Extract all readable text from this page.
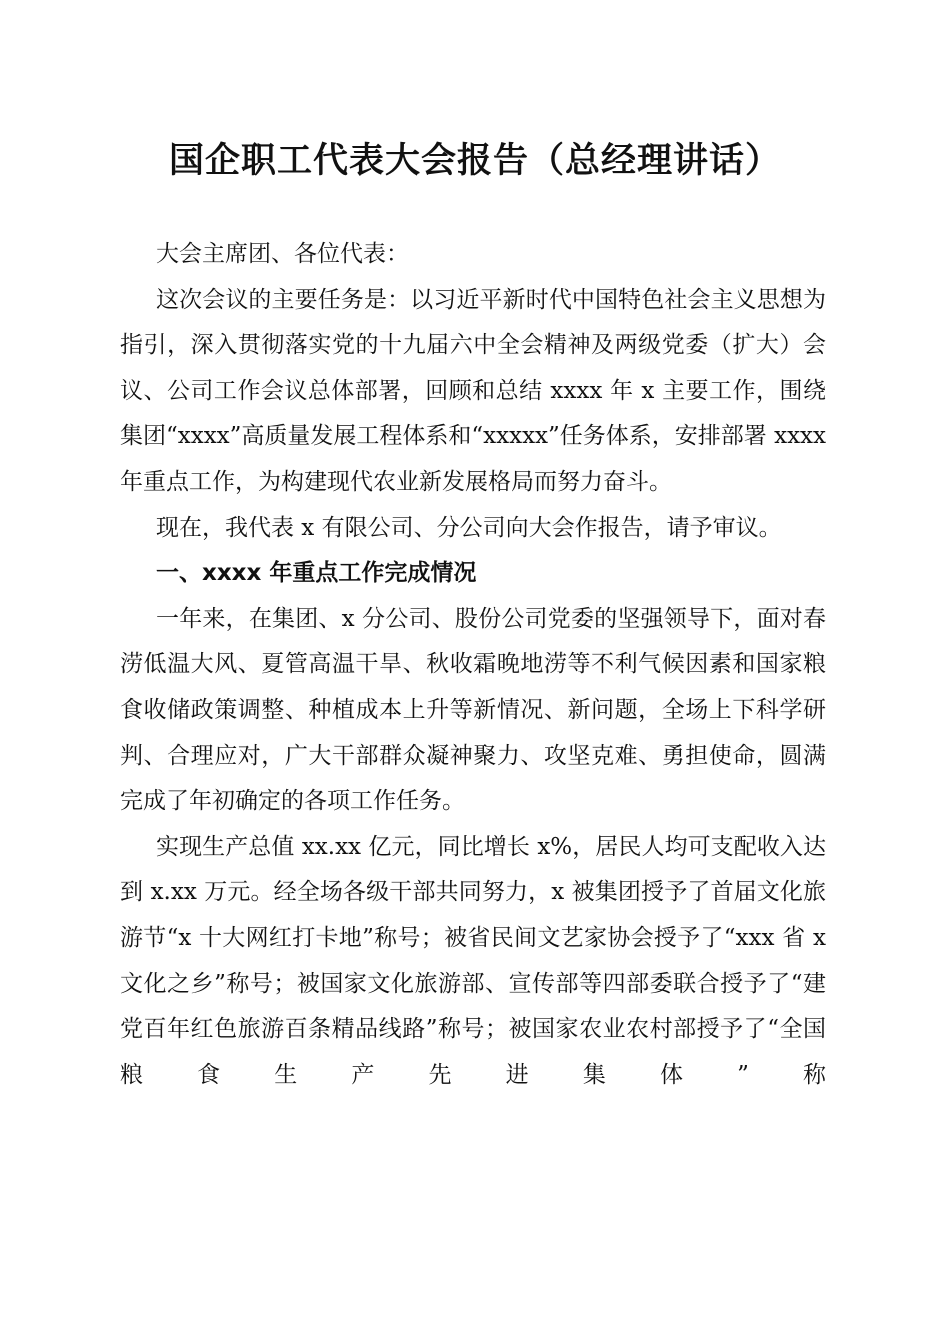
国企职工代表大会报告（总经理讲话）

大会主席团、各位代表：

这次会议的主要任务是：以习近平新时代中国特色社会主义思想为指引，深入贯彻落实党的十九届六中全会精神及两级党委（扩大）会议、公司工作会议总体部署，回顾和总结 xxxx 年 x 主要工作，围绕集团“xxxx”高质量发展工程体系和“xxxxx”任务体系，安排部署 xxxx 年重点工作，为构建现代农业新发展格局而努力奋斗。

现在，我代表 x 有限公司、分公司向大会作报告，请予审议。

一、xxxx 年重点工作完成情况

一年来，在集团、x 分公司、股份公司党委的坚强领导下，面对春涝低温大风、夏管高温干旱、秋收霜晚地涝等不利气候因素和国家粮食收储政策调整、种植成本上升等新情况、新问题，全场上下科学研判、合理应对，广大干部群众凝神聚力、攻坚克难、勇担使命，圆满完成了年初确定的各项工作任务。

实现生产总值 xx.xx 亿元，同比增长 x%，居民人均可支配收入达到 x.xx 万元。经全场各级干部共同努力，x 被集团授予了首届文化旅游节“x 十大网红打卡地”称号；被省民间文艺家协会授予了“xxx 省 x 文化之乡”称号；被国家文化旅游部、宣传部等四部委联合授予了“建党百年红色旅游百条精品线路”称号；被国家农业农村部授予了“全国粮食生产先进集体”称
